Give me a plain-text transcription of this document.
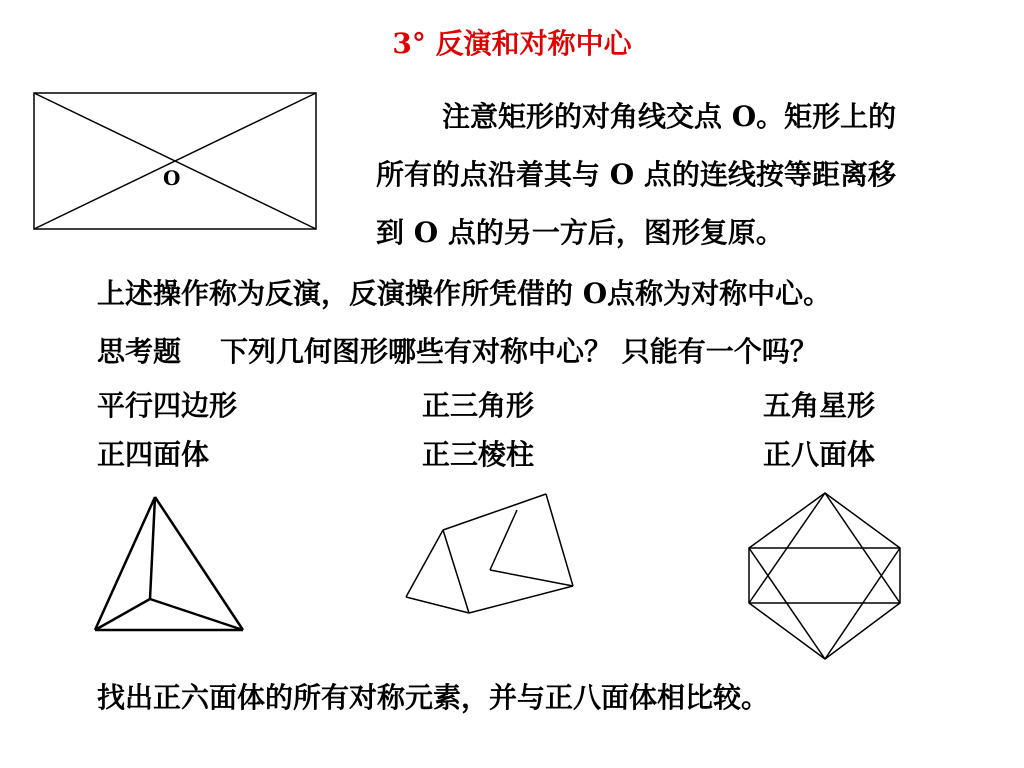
3° 反演和对称中心
O
注意矩形的对角线交点 O。矩形上的
所有的点沿着其与 O 点的连线按等距离移
到 O 点的另一方后，图形复原。
上述操作称为反演，反演操作所凭借的 O点称为对称中心。
思考题    下列几何图形哪些有对称中心？ 只能有一个吗？
平行四边形	正三角形	五角星形
正四面体	正三棱柱	正八面体
找出正六面体的所有对称元素，并与正八面体相比较。
